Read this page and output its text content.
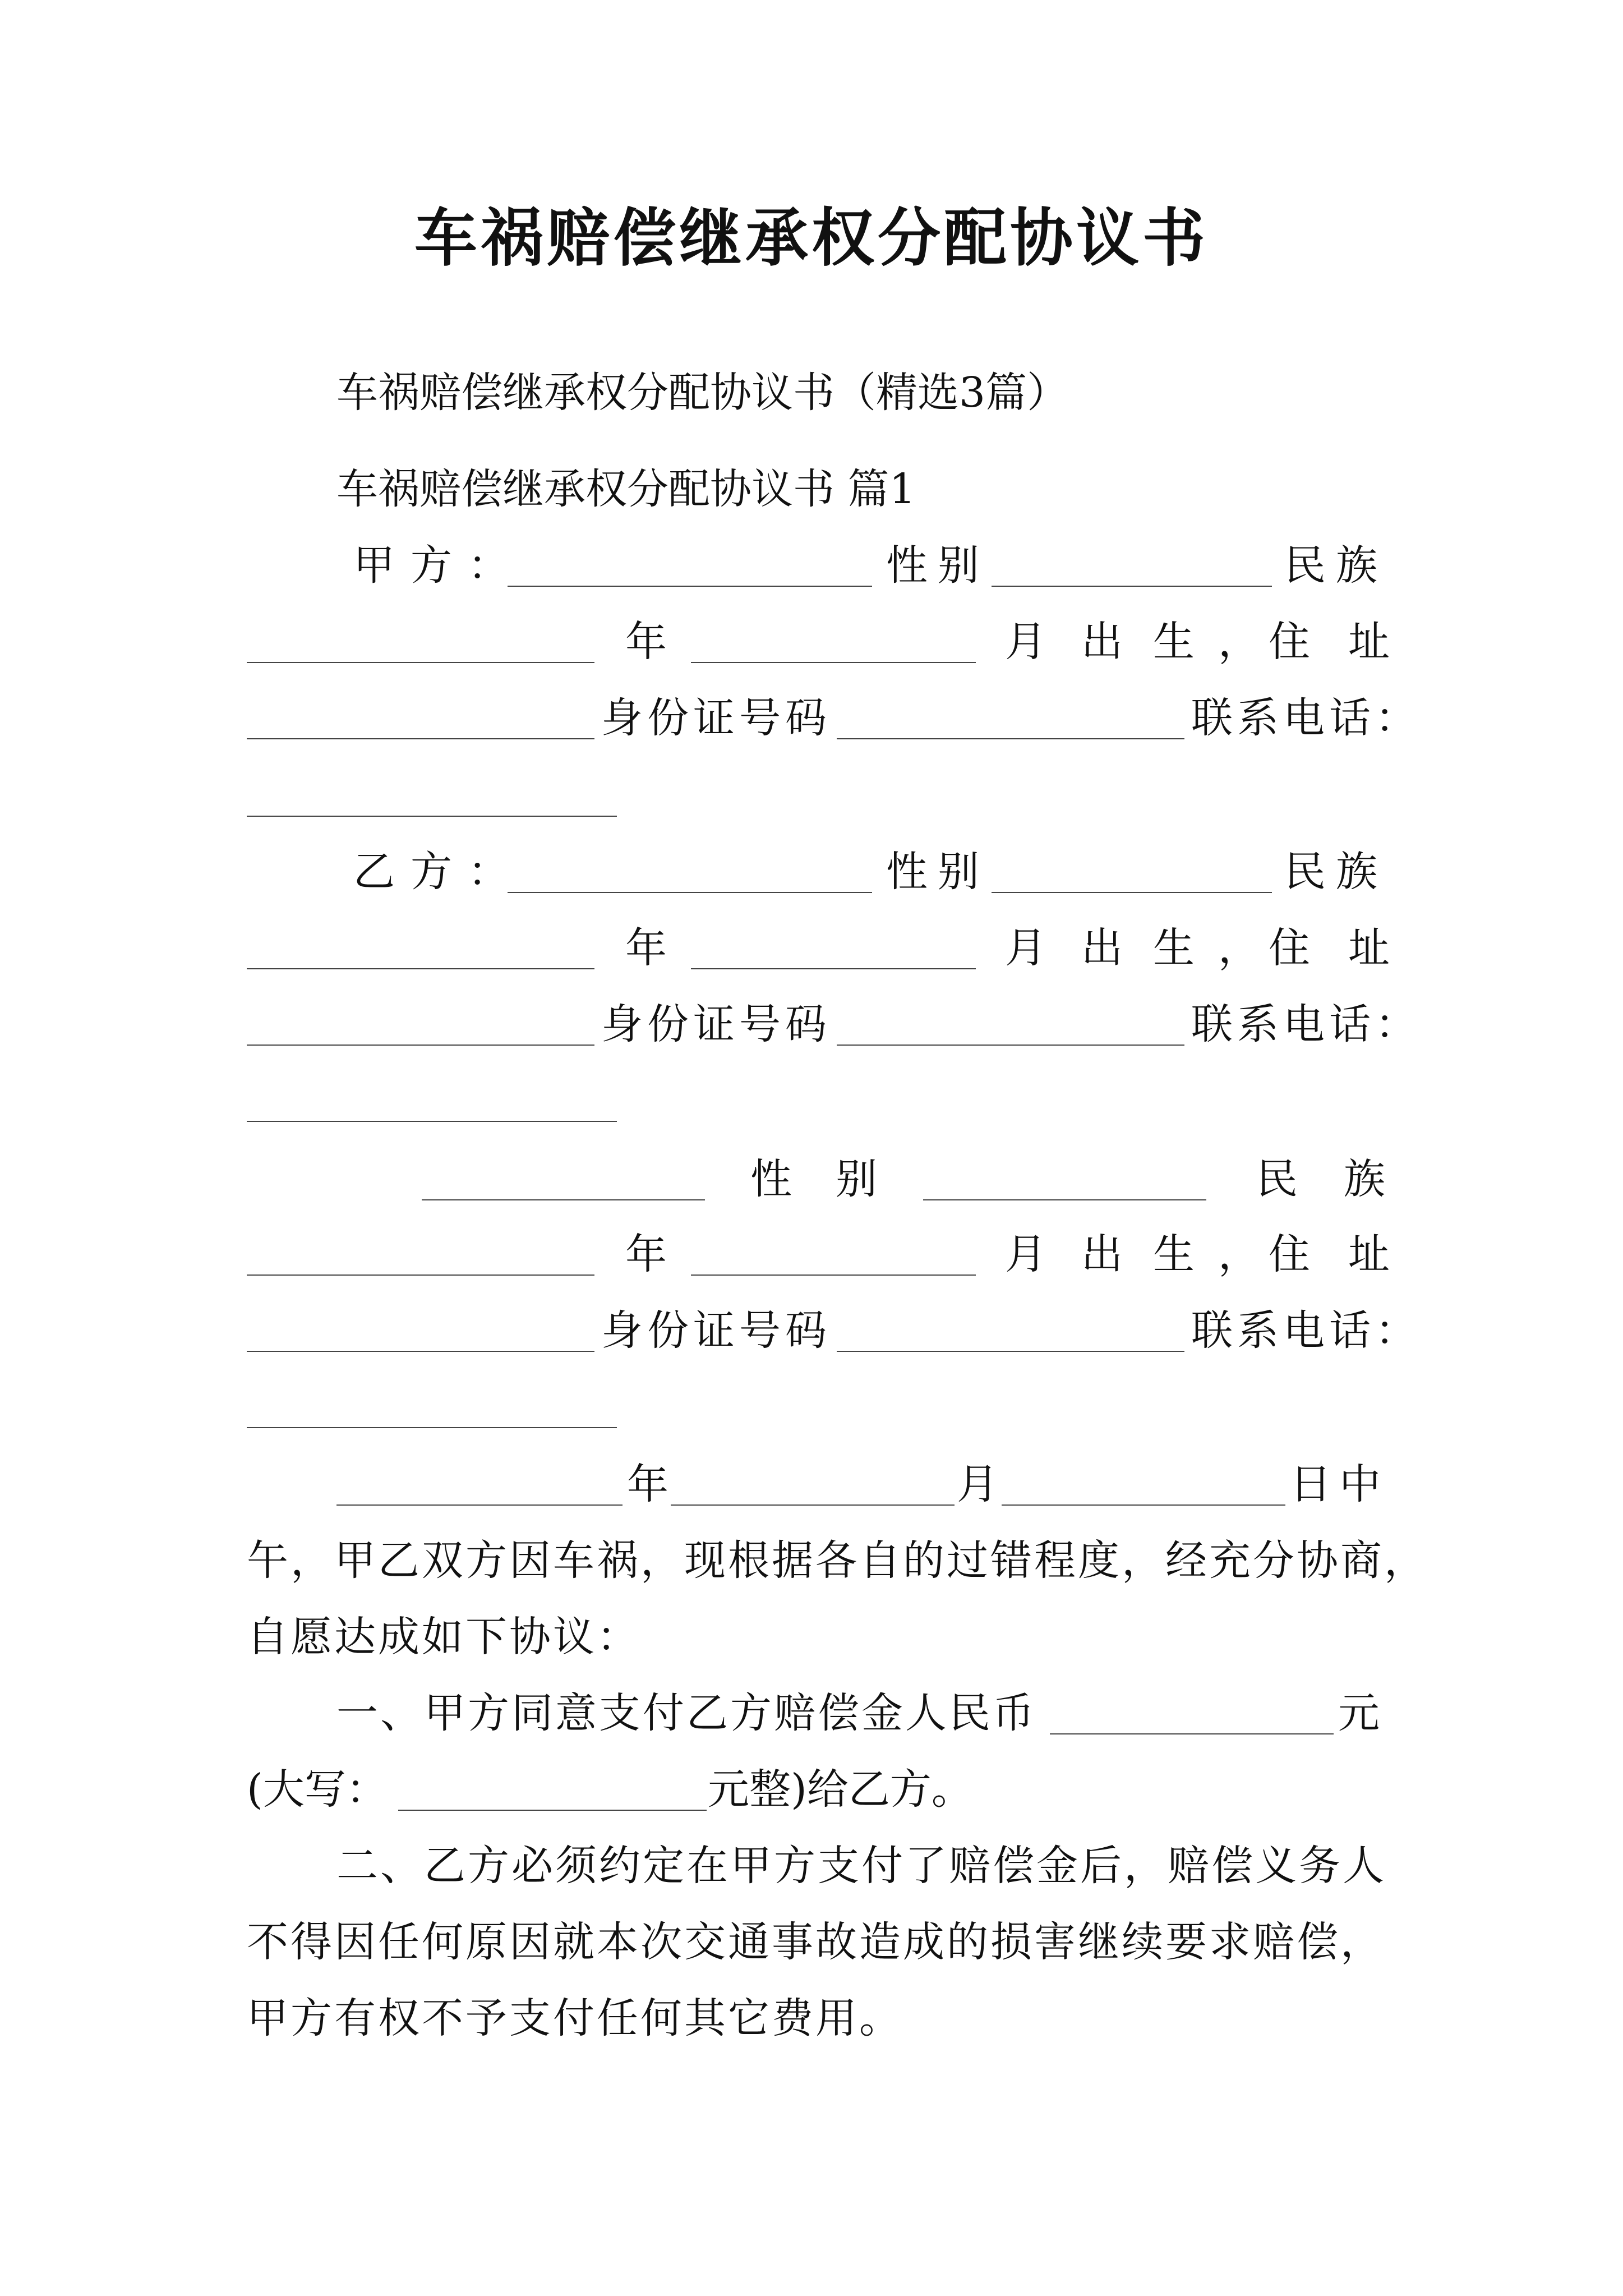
车祸赔偿继承权分配协议书
车祸赔偿继承权分配协议书（精选3篇）
车祸赔偿继承权分配协议书 篇1
甲方：	性别	民族
年	月 出 生 ， 住 址
身份证号码	联系电话：
乙方：	性别	民族
年	月 出 生 ， 住 址
身份证号码	联系电话：
性 别	民 族
年	月 出 生 ， 住 址
身份证号码	联系电话：
年	月	日中
午，甲乙双方因车祸，现根据各自的过错程度，经充分协商，
自愿达成如下协议：
一、甲方同意支付乙方赔偿金人民币	元
(大写：	元整)给乙方。
二、乙方必须约定在甲方支付了赔偿金后，赔偿义务人
不得因任何原因就本次交通事故造成的损害继续要求赔偿，
甲方有权不予支付任何其它费用。
